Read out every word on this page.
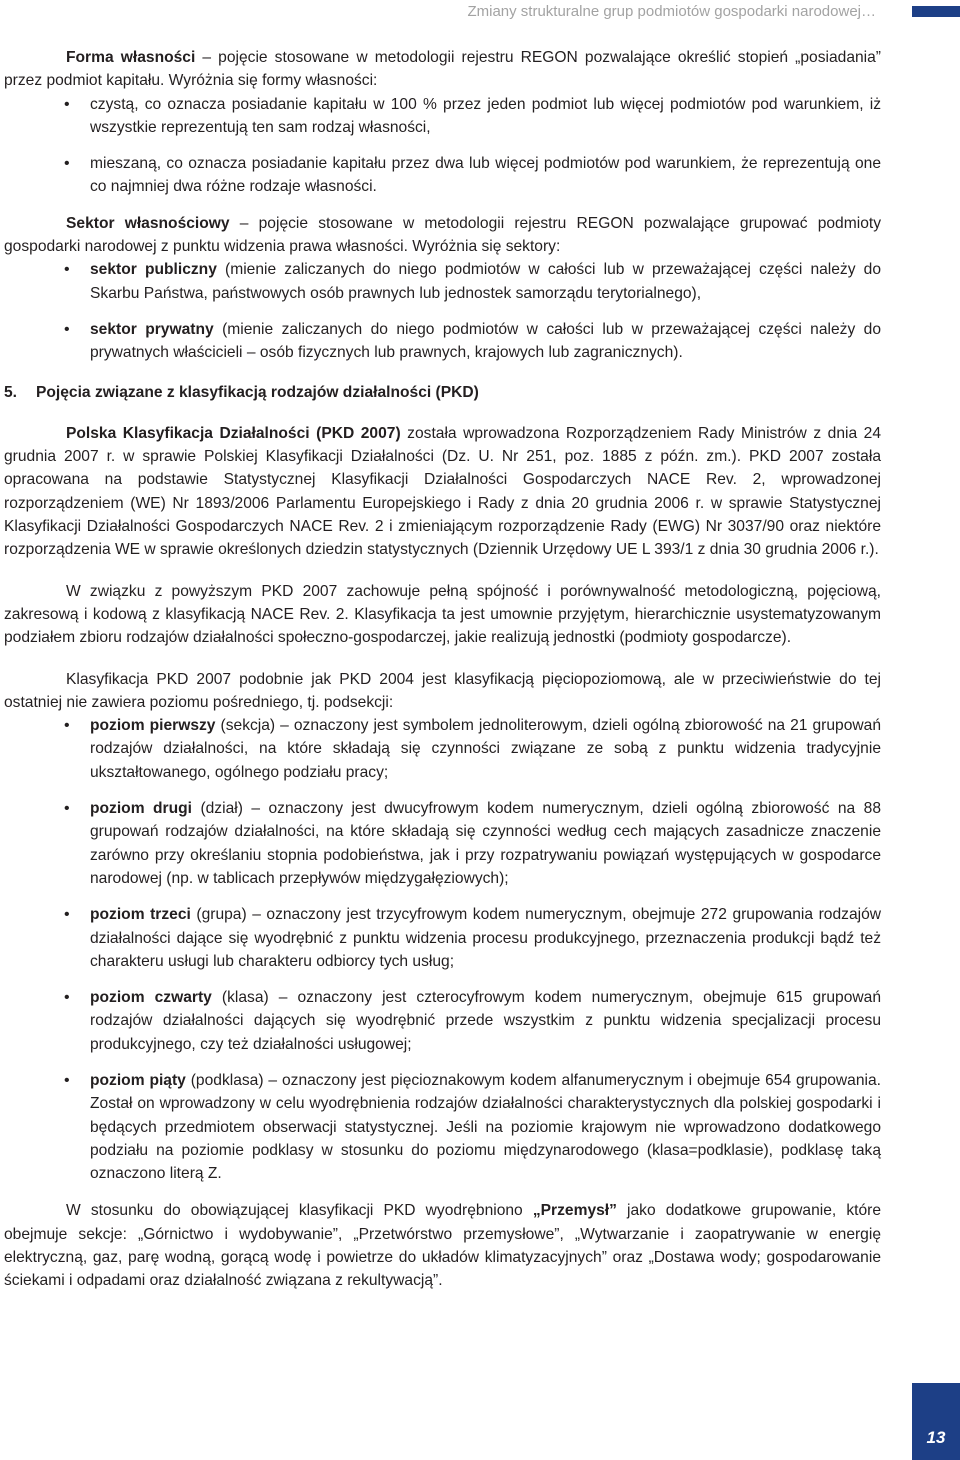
Zmiany strukturalne grup podmiotów gospodarki narodowej…

Forma własności – pojęcie stosowane w metodologii rejestru REGON pozwalające określić stopień „posiadania” przez podmiot kapitału. Wyróżnia się formy własności:

• czystą, co oznacza posiadanie kapitału w 100 % przez jeden podmiot lub więcej podmiotów pod warunkiem, iż wszystkie reprezentują ten sam rodzaj własności,
• mieszaną, co oznacza posiadanie kapitału przez dwa lub więcej podmiotów pod warunkiem, że reprezentują one co najmniej dwa różne rodzaje własności.

Sektor własnościowy – pojęcie stosowane w metodologii rejestru REGON pozwalające grupować podmioty gospodarki narodowej z punktu widzenia prawa własności. Wyróżnia się sektory:

• sektor publiczny (mienie zaliczanych do niego podmiotów w całości lub w przeważającej części należy do Skarbu Państwa, państwowych osób prawnych lub jednostek samorządu terytorialnego),
• sektor prywatny (mienie zaliczanych do niego podmiotów w całości lub w przeważającej części należy do prywatnych właścicieli – osób fizycznych lub prawnych, krajowych lub zagranicznych).
5. Pojęcia związane z klasyfikacją rodzajów działalności (PKD)

Polska Klasyfikacja Działalności (PKD 2007) została wprowadzona Rozporządzeniem Rady Ministrów z dnia 24 grudnia 2007 r. w sprawie Polskiej Klasyfikacji Działalności (Dz. U. Nr 251, poz. 1885 z późn. zm.). PKD 2007 została opracowana na podstawie Statystycznej Klasyfikacji Działalności Gospodarczych NACE Rev. 2, wprowadzonej rozporządzeniem (WE) Nr 1893/2006 Parlamentu Europejskiego i Rady z dnia 20 grudnia 2006 r. w sprawie Statystycznej Klasyfikacji Działalności Gospodarczych NACE Rev. 2 i zmieniającym rozporządzenie Rady (EWG) Nr 3037/90 oraz niektóre rozporządzenia WE w sprawie określonych dziedzin statystycznych (Dziennik Urzędowy UE L 393/1 z dnia 30 grudnia 2006 r.).

W związku z powyższym PKD 2007 zachowuje pełną spójność i porównywalność metodologiczną, pojęciową, zakresową i kodową z klasyfikacją NACE Rev. 2. Klasyfikacja ta jest umownie przyjętym, hierarchicznie usystematyzowanym podziałem zbioru rodzajów działalności społeczno-gospodarczej, jakie realizują jednostki (podmioty gospodarcze).

Klasyfikacja PKD 2007 podobnie jak PKD 2004 jest klasyfikacją pięciopoziomową, ale w przeciwieństwie do tej ostatniej nie zawiera poziomu pośredniego, tj. podsekcji:

• poziom pierwszy (sekcja) – oznaczony jest symbolem jednoliterowym, dzieli ogólną zbiorowość na 21 grupowań rodzajów działalności, na które składają się czynności związane ze sobą z punktu widzenia tradycyjnie ukształtowanego, ogólnego podziału pracy;
• poziom drugi (dział) – oznaczony jest dwucyfrowym kodem numerycznym, dzieli ogólną zbiorowość na 88 grupowań rodzajów działalności, na które składają się czynności według cech mających zasadnicze znaczenie zarówno przy określaniu stopnia podobieństwa, jak i przy rozpatrywaniu powiązań występujących w gospodarce narodowej (np. w tablicach przepływów międzygałęziowych);
• poziom trzeci (grupa) – oznaczony jest trzycyfrowym kodem numerycznym, obejmuje 272 grupowania rodzajów działalności dające się wyodrębnić z punktu widzenia procesu produkcyjnego, przeznaczenia produkcji bądź też charakteru usługi lub charakteru odbiorcy tych usług;
• poziom czwarty (klasa) – oznaczony jest czterocyfrowym kodem numerycznym, obejmuje 615 grupowań rodzajów działalności dających się wyodrębnić przede wszystkim z punktu widzenia specjalizacji procesu produkcyjnego, czy też działalności usługowej;
• poziom piąty (podklasa) – oznaczony jest pięcioznakowym kodem alfanumerycznym i obejmuje 654 grupowania. Został on wprowadzony w celu wyodrębnienia rodzajów działalności charakterystycznych dla polskiej gospodarki i będących przedmiotem obserwacji statystycznej. Jeśli na poziomie krajowym nie wprowadzono dodatkowego podziału na poziomie podklasy w stosunku do poziomu międzynarodowego (klasa=podklasie), podklasę taką oznaczono literą Z.

W stosunku do obowiązującej klasyfikacji PKD wyodrębniono „Przemysł” jako dodatkowe grupowanie, które obejmuje sekcje: „Górnictwo i wydobywanie”, „Przetwórstwo przemysłowe”, „Wytwarzanie i zaopatrywanie w energię elektryczną, gaz, parę wodną, gorącą wodę i powietrze do układów klimatyzacyjnych” oraz „Dostawa wody; gospodarowanie ściekami i odpadami oraz działalność związana z rekultywacją”.

13
